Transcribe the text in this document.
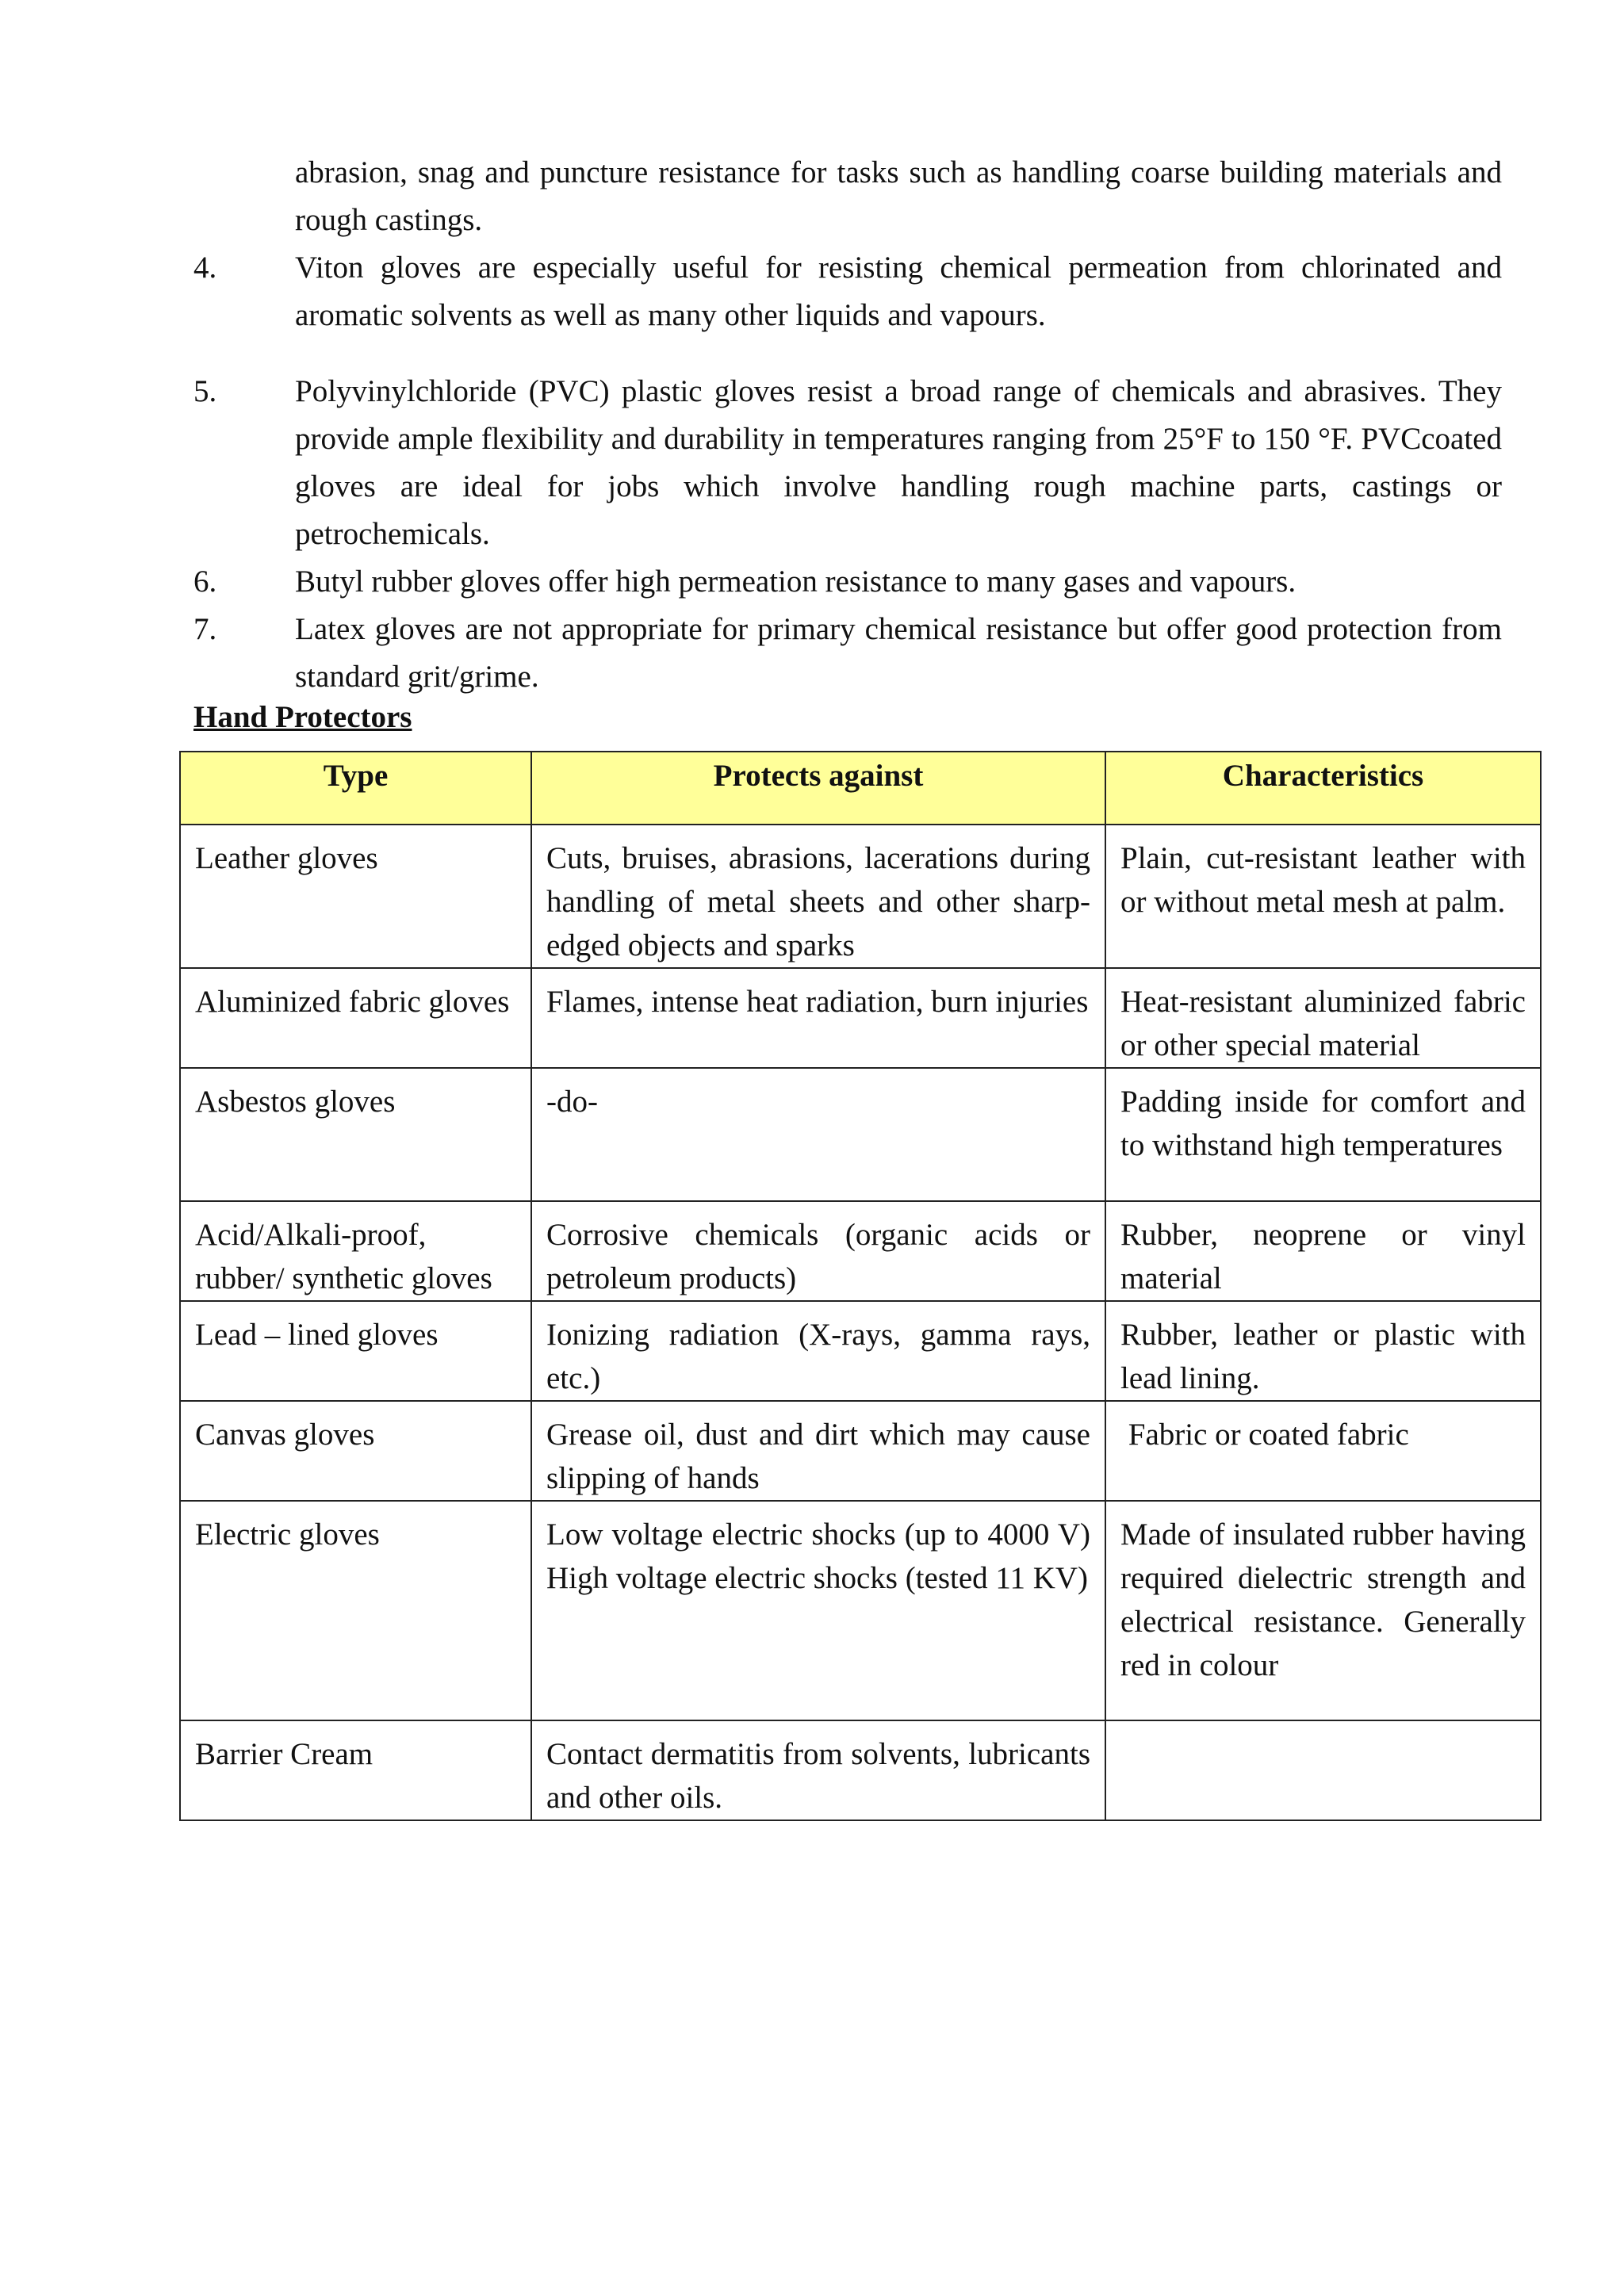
abrasion, snag and puncture resistance for tasks such as handling coarse building materials and rough castings.
4.	Viton gloves are especially useful for resisting chemical permeation from chlorinated and aromatic solvents as well as many other liquids and vapours.
5.	Polyvinylchloride (PVC) plastic gloves resist a broad range of chemicals and abrasives. They provide ample flexibility and durability in temperatures ranging from 25°F to 150 °F. PVCcoated gloves are ideal for jobs which involve handling rough machine parts, castings or petrochemicals.
6.	Butyl rubber gloves offer high permeation resistance to many gases and vapours.
7.	Latex gloves are not appropriate for primary chemical resistance but offer good protection from standard grit/grime.
Hand Protectors
Type	Protects against	Characteristics
Leather gloves	Cuts, bruises, abrasions, lacerations during handling of metal sheets and other sharp-edged objects and sparks	Plain, cut-resistant leather with or without metal mesh at palm.
Aluminized fabric gloves	Flames, intense heat radiation, burn injuries	Heat-resistant aluminized fabric or other special material
Asbestos gloves	-do-	Padding inside for comfort and to withstand high temperatures
Acid/Alkali-proof, rubber/ synthetic gloves	Corrosive chemicals (organic acids or petroleum products)	Rubber, neoprene or vinyl material
Lead – lined gloves	Ionizing radiation (X-rays, gamma rays, etc.)	Rubber, leather or plastic with lead lining.
Canvas gloves	Grease oil, dust and dirt which may cause slipping of hands	Fabric or coated fabric
Electric gloves	Low voltage electric shocks (up to 4000 V) High voltage electric shocks (tested 11 KV)	Made of insulated rubber having required dielectric strength and electrical resistance. Generally red in colour
Barrier Cream	Contact dermatitis from solvents, lubricants and other oils.	
